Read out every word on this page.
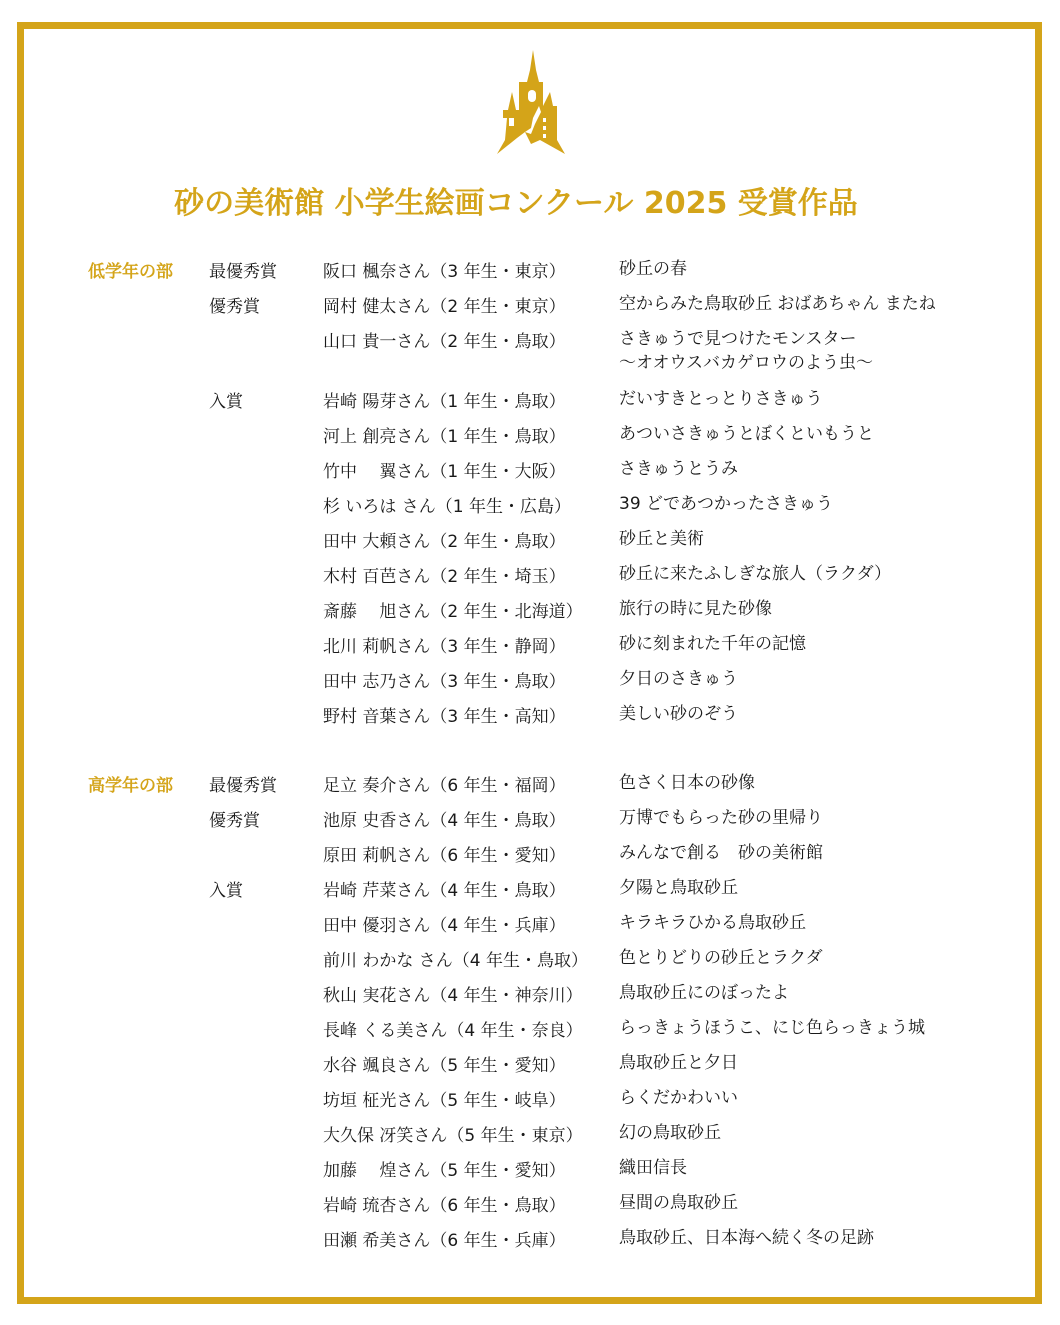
砂の美術館 小学生絵画コンクール 2025 受賞作品
低学年の部 最優秀賞	阪口 楓奈さん（3 年生・東京）	砂丘の春
優秀賞	岡村 健太さん（2 年生・東京）	空からみた鳥取砂丘 おばあちゃん またね
山口 貴一さん（2 年生・鳥取）	さきゅうで見つけたモンスター
〜オオウスバカゲロウのよう虫〜
入賞	岩崎 陽芽さん（1 年生・鳥取）	だいすきとっとりさきゅう
河上 創亮さん（1 年生・鳥取）	あついさきゅうとぼくといもうと
竹中　 翼さん（1 年生・大阪）	さきゅうとうみ
杉 いろは さん（1 年生・広島）	39 どであつかったさきゅう
田中 大頼さん（2 年生・鳥取）	砂丘と美術
木村 百芭さん（2 年生・埼玉）	砂丘に来たふしぎな旅人（ラクダ）
斎藤　 旭さん（2 年生・北海道） 旅行の時に見た砂像
北川 莉帆さん（3 年生・静岡）	砂に刻まれた千年の記憶
田中 志乃さん（3 年生・鳥取）	夕日のさきゅう
野村 音葉さん（3 年生・高知）	美しい砂のぞう
高学年の部 最優秀賞	足立 奏介さん（6 年生・福岡）	色さく日本の砂像
優秀賞	池原 史香さん（4 年生・鳥取）	万博でもらった砂の里帰り
原田 莉帆さん（6 年生・愛知）	みんなで創る　砂の美術館
入賞	岩崎 芹菜さん（4 年生・鳥取）	夕陽と鳥取砂丘
田中 優羽さん（4 年生・兵庫）	キラキラひかる鳥取砂丘
前川 わかな さん（4 年生・鳥取） 色とりどりの砂丘とラクダ
秋山 実花さん（4 年生・神奈川） 鳥取砂丘にのぼったよ
長峰 くる美さん（4 年生・奈良） らっきょうほうこ、にじ色らっきょう城
水谷 颯良さん（5 年生・愛知）	鳥取砂丘と夕日
坊垣 柾光さん（5 年生・岐阜）	らくだかわいい
大久保 冴笑さん（5 年生・東京） 幻の鳥取砂丘
加藤　 煌さん（5 年生・愛知）	織田信長
岩崎 琉杏さん（6 年生・鳥取）	昼間の鳥取砂丘
田瀬 希美さん（6 年生・兵庫）	鳥取砂丘、日本海へ続く冬の足跡
